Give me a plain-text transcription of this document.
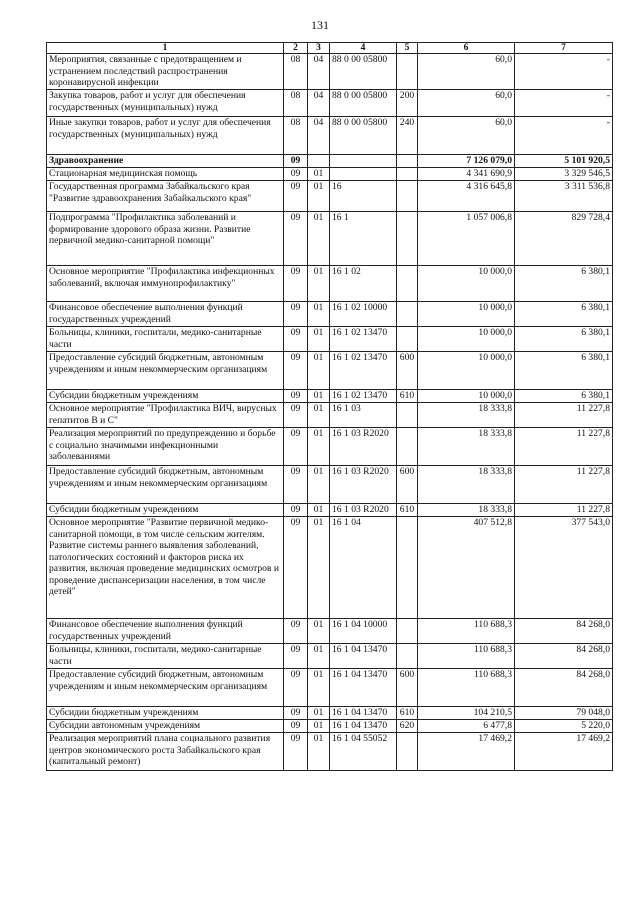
131
1	2	3	4	5	6	7
Мероприятия, связанные с предотвращением и устранением последствий распространения коронавирусной инфекции	08	04	88 0 00 05800		60,0	-
Закупка товаров, работ и услуг для обеспечения государственных (муниципальных) нужд	08	04	88 0 00 05800	200	60,0	-
Иные закупки товаров, работ и услуг для обеспечения государственных (муниципальных) нужд	08	04	88 0 00 05800	240	60,0	-
Здравоохранение	09				7 126 079,0	5 101 920,5
Стационарная медицинская помощь	09	01			4 341 690,9	3 329 546,5
Государственная программа Забайкальского края "Развитие здравоохранения Забайкальского края"	09	01	16		4 316 645,8	3 311 536,8
Подпрограмма "Профилактика заболеваний и формирование здорового образа жизни. Развитие первичной медико-санитарной помощи"	09	01	16 1		1 057 006,8	829 728,4
Основное мероприятие "Профилактика инфекционных заболеваний, включая иммунопрофилактику"	09	01	16 1 02		10 000,0	6 380,1
Финансовое обеспечение выполнения функций государственных учреждений	09	01	16 1 02 10000		10 000,0	6 380,1
Больницы, клиники, госпитали, медико-санитарные части	09	01	16 1 02 13470		10 000,0	6 380,1
Предоставление субсидий бюджетным, автономным учреждениям и иным некоммерческим организациям	09	01	16 1 02 13470	600	10 000,0	6 380,1
Субсидии бюджетным учреждениям	09	01	16 1 02 13470	610	10 000,0	6 380,1
Основное мероприятие "Профилактика ВИЧ, вирусных гепатитов В и С"	09	01	16 1 03		18 333,8	11 227,8
Реализация мероприятий по предупреждению и борьбе с социально значимыми инфекционными заболеваниями	09	01	16 1 03 R2020		18 333,8	11 227,8
Предоставление субсидий бюджетным, автономным учреждениям и иным некоммерческим организациям	09	01	16 1 03 R2020	600	18 333,8	11 227,8
Субсидии бюджетным учреждениям	09	01	16 1 03 R2020	610	18 333,8	11 227,8
Основное мероприятие "Развитие первичной медико-санитарной помощи, в том числе сельским жителям. Развитие системы раннего выявления заболеваний, патологических состояний и факторов риска их развития, включая проведение медицинских осмотров и проведение диспансеризации населения, в том числе детей"	09	01	16 1 04		407 512,8	377 543,0
Финансовое обеспечение выполнения функций государственных учреждений	09	01	16 1 04 10000		110 688,3	84 268,0
Больницы, клиники, госпитали, медико-санитарные части	09	01	16 1 04 13470		110 688,3	84 268,0
Предоставление субсидий бюджетным, автономным учреждениям и иным некоммерческим организациям	09	01	16 1 04 13470	600	110 688,3	84 268,0
Субсидии бюджетным учреждениям	09	01	16 1 04 13470	610	104 210,5	79 048,0
Субсидии автономным учреждениям	09	01	16 1 04 13470	620	6 477,8	5 220,0
Реализация мероприятий плана социального развития центров экономического роста Забайкальского края (капитальный ремонт)	09	01	16 1 04 55052		17 469,2	17 469,2
